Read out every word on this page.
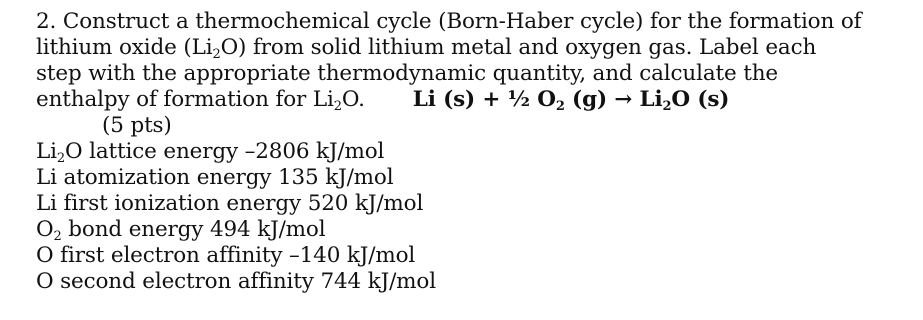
2. Construct a thermochemical cycle (Born-Haber cycle) for the formation of
lithium oxide $(Li_2O)$ from solid lithium metal and oxygen gas. Label each
step with the appropriate thermodynamic quantity, and calculate the
enthalpy of formation for $Li_2O$. Li (s) + ½ $O_2$ $(g) \to Li_2O$ (s)
(5 pts)
$Li_2O$ lattice energy –2806 kJ/mol
Li atomization energy 135 kJ/mol
Li first ionization energy 520 kJ/mol
$O_2$ bond energy 494 kJ/mol
O first electron affinity –140 kJ/mol
O second electron affinity 744 kJ/mol
